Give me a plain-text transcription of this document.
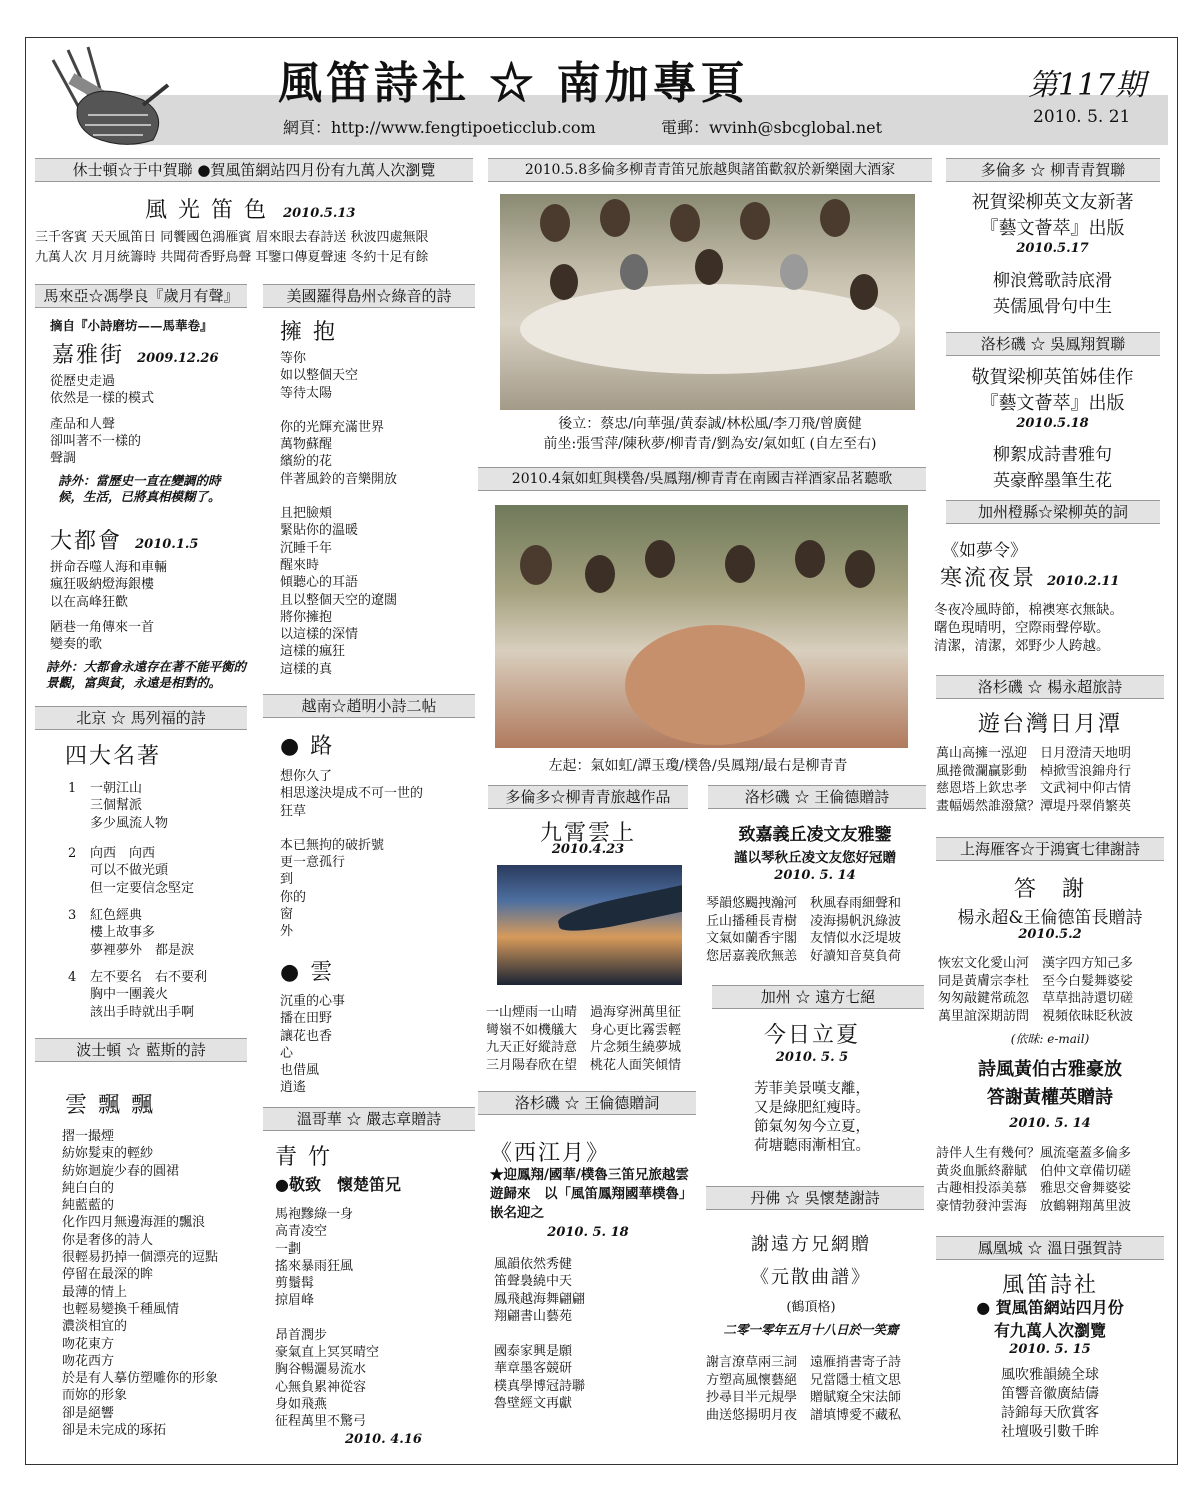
風笛詩社 ☆ 南加專頁	第117期
2010. 5. 21
網頁：http://www.fengtipoeticclub.com	電郵：wvinh@sbcglobal.net
休士頓☆于中賀聯 ●賀風笛網站四月份有九萬人次瀏覽
風 光 笛 色 2010.5.13
三千客賓 天天風笛日 同饗國色鴻雁賓 眉來眼去春詩送 秋波四處無限
九萬人次 月月統籌時 共聞荷香野鳥聲 耳鑒口傳夏聲速 冬約十足有餘
馬來亞☆馮學良『歲月有聲』
摘自『小詩磨坊——馬華卷』
嘉雅街 2009.12.26
從歷史走過
依然是一樣的模式
產品和人聲
卻叫著不一樣的
聲調
詩外：當歷史一直在變調的時候，生活，已將真相模糊了。
大都會 2010.1.5
拼命吞噬人海和車輛
瘋狂吸納燈海銀樓
以在高峰狂歡
陋巷一角傳來一首
變奏的歌
詩外：大都會永遠存在著不能平衡的景觀，富與貧，永遠是相對的。
北京 ☆ 馬列福的詩
四大名著
1	一朝江山
三個幫派
多少風流人物
2	向西　向西
可以不做光頭
但一定要信念堅定
3	紅色經典
樓上故事多
夢裡夢外　都是淚
4	左不要名　右不要利
胸中一團義火
該出手時就出手啊
波士頓 ☆ 藍斯的詩
雲 飄 飄
摺一撮煙
紡妳髮束的輕紗
紡妳迴旋少春的圓裙
純白白的
純藍藍的
化作四月無邊海涯的飄浪
你是奢侈的詩人
很輕易扔掉一個漂亮的逗點
停留在最深的眸
最薄的情上
也輕易變換千種風情
濃淡相宜的
吻花東方
吻花西方
於是有人摹仿塑雕你的形象
而妳的形象
卻是絕響
卻是未完成的琢拓
美國羅得島州☆綠音的詩
擁 抱
等你
如以整個天空
等待太陽
你的光輝充滿世界
萬物蘇醒
繽紛的花
伴著風鈴的音樂開放
且把臉頰
緊貼你的溫暖
沉睡千年
醒來時
傾聽心的耳語
且以整個天空的遼闊
將你擁抱
以這樣的深情
這樣的瘋狂
這樣的真
越南☆趙明小詩二帖
● 路
想你久了
相思遂決堤成不可一世的
狂草
本已無拘的破折號
更一意孤行
到
你的
窗
外
● 雲
沉重的心事
播在田野
讓花也香
心
也借風
逍遙
溫哥華 ☆ 嚴志章贈詩
青 竹
●敬致　懷楚笛兄
馬袍黲綠一身
高青凌空
一劃
搖來暴雨狂風
剪鬚髯
掠眉峰
昂首潤步
豪氣直上冥冥晴空
胸谷暢灑易流水
心無負累神從容
身如飛燕
征程萬里不驚弓
2010. 4.16
2010.5.8多倫多柳青青笛兄旅越與諸笛歡叙於新樂園大酒家
後立：蔡忠/向華强/黄泰誠/林松風/李刀飛/曾廣健
前坐:張雪萍/陳秋夢/柳青青/劉為安/氣如虹 (自左至右)
2010.4氣如虹與樸魯/吳鳳翔/柳青青在南國吉祥酒家品茗聽歌
左起：氣如虹/譚玉瓊/樸魯/吳鳳翔/最右是柳青青
多倫多☆柳青青旅越作品
九霄雲上
2010.4.23
一山煙雨一山晴　過海穿洲萬里征
彎嶺不如機艤大　身心更比霧雲輕
九天正好縱詩意　片念頻生繞夢城
三月陽春欣在望　桃花人面笑傾情
洛杉磯 ☆ 王倫德贈詞
《西江月》
★迎鳳翔/國華/樸魯三笛兄旅越雲遊歸來　以「風笛鳳翔國華樸魯」嵌名迎之
2010. 5. 18
風韻依然秀健
笛聲裊繞中天
鳳飛越海舞翩翩
翔翩書山藝苑
國泰家興是願
華章墨客競研
樸真學博冠詩聯
魯壁經文再獻
洛杉磯 ☆ 王倫德贈詩
致嘉義丘凌文友雅鑒
謹以琴秋丘凌文友您好冠贈
2010. 5. 14
琴韻悠颺拽瀚河　秋風春雨細聲和
丘山播種長青樹　凌海揚帆汎綠波
文氣如蘭香宇閣　友情似水泛堤坡
您居嘉義欣無恙　好讀知音莫負荷
加州 ☆ 遠方七絕
今日立夏
2010. 5. 5
芳菲美景嘆支離，
又是綠肥紅瘦時。
節氣匆匆今立夏，
荷塘聽雨漸相宜。
丹佛 ☆ 吳懷楚謝詩
謝遠方兄網贈
《元散曲譜》
(鶴頂格)
二零一零年五月十八日於一笑齋
謝言潦草兩三詞　遠雁捎書寄子詩
方塑高風懷藝絕　兄當隱士植文思
抄尋目半元規學　贈賦窺全宋法師
曲送悠揚明月夜　譜填博愛不藏私
多倫多 ☆ 柳青青賀聯
祝賀梁柳英文友新著
『藝文薈萃』出版
2010.5.17
柳浪鶯歌詩底滑
英儒風骨句中生
洛杉磯 ☆ 吳鳳翔賀聯
敬賀梁柳英笛姊佳作
『藝文薈萃』出版
2010.5.18
柳絮成詩書雅句
英豪醉墨筆生花
加州橙縣☆梁柳英的詞
《如夢令》
寒流夜景 2010.2.11
冬夜冷風時節，棉襖寒衣無缺。
曙色現晴明，空際雨聲停歇。
清潔，清潔，郊野少人跨越。
洛杉磯 ☆ 楊永超旅詩
遊台灣日月潭
萬山高擁一泓迎　日月澄清天地明
風捲微瀾贏影動　棹掀雪浪錦舟行
慈恩塔上欽忠孝　文武祠中仰古情
畫幅嫣然誰潑黛？潭堤丹翠俏繁英
上海雁客☆于鴻賓七律謝詩
答　謝
楊永超&王倫德笛長贈詩
2010.5.2
恢宏文化愛山河　漢字四方知己多
同是黃膚宗李杜　至今白髮舞婆娑
匆匆敲鍵常疏忽　草草拙詩還切磋
萬里誼深期訪問　視頻依昧眨秋波
(依昧: e-mail)
詩風黃伯古雅豪放
答謝黃權英贈詩
2010. 5. 14
詩伴人生有幾何？風流毫蓋多倫多
黃炎血脈終辭賦　伯仲文章備切磋
古趣相投添美慕　雅思交會舞婆娑
豪情勃發沖雲海　放鶴翱翔萬里波
鳳凰城 ☆ 溫日强賀詩
風笛詩社
● 賀風笛網站四月份
有九萬人次瀏覽
2010. 5. 15
風吹雅韻繞全球
笛響音徽廣結儔
詩錦每天欣賞客
社壇吸引數千眸
